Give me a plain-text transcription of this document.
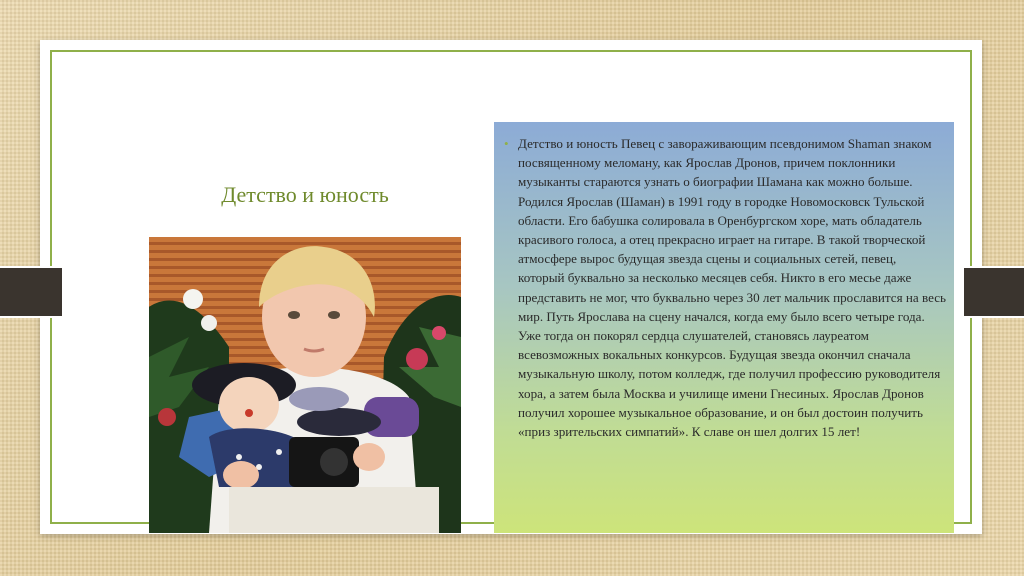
Детство и юность
• Детство и юность Певец с завораживающим псевдонимом Shaman знаком посвященному меломану, как Ярослав Дронов, причем поклонники музыканты стараются узнать о биографии Шамана как можно больше. Родился Ярослав (Шаман) в 1991 году в городке Новомосковск Тульской области. Его бабушка солировала в Оренбургском хоре, мать обладатель красивого голоса, а отец прекрасно играет на гитаре. В такой творческой атмосфере вырос будущая звезда сцены и социальных сетей, певец, который буквально за несколько месяцев себя. Никто в его месье даже представить не мог, что буквально через 30 лет мальчик прославится на весь мир. Путь Ярослава на сцену начался, когда ему было всего четыре года. Уже тогда он покорял сердца слушателей, становясь лауреатом всевозможных вокальных конкурсов. Будущая звезда окончил сначала музыкальную школу, потом колледж, где получил профессию руководителя хора, а затем была Москва и училище имени Гнесиных. Ярослав Дронов получил хорошее музыкальное образование, и он был достоин получить «приз зрительских симпатий». К славе он шел долгих 15 лет!
